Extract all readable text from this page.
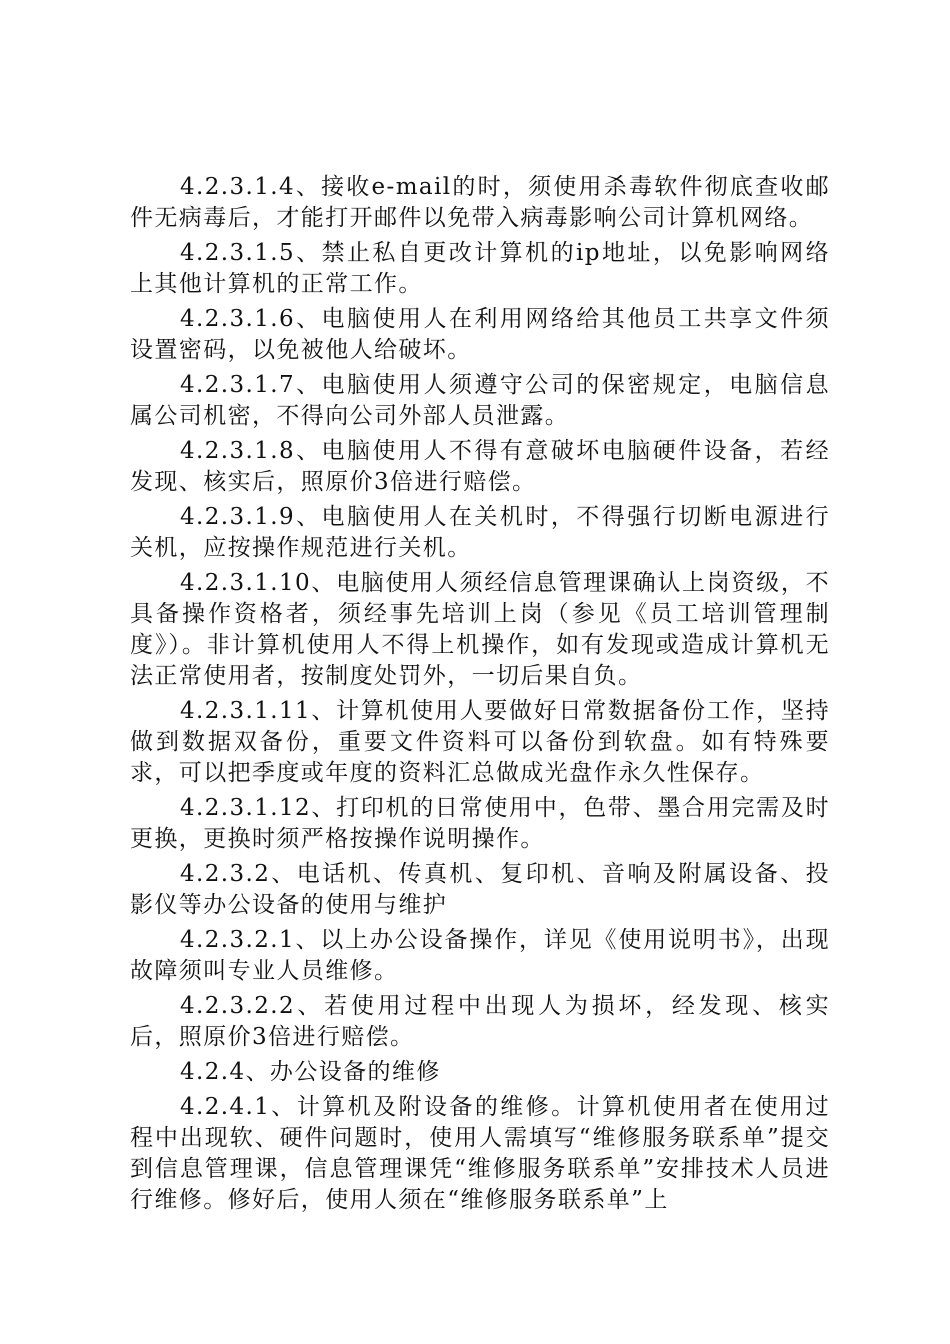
4.2.3.1.4、接收e-mail的时，须使用杀毒软件彻底查收邮件无病毒后，才能打开邮件以免带入病毒影响公司计算机网络。

4.2.3.1.5、禁止私自更改计算机的ip地址，以免影响网络上其他计算机的正常工作。

4.2.3.1.6、电脑使用人在利用网络给其他员工共享文件须设置密码，以免被他人给破坏。

4.2.3.1.7、电脑使用人须遵守公司的保密规定，电脑信息属公司机密，不得向公司外部人员泄露。

4.2.3.1.8、电脑使用人不得有意破坏电脑硬件设备，若经发现、核实后，照原价3倍进行赔偿。

4.2.3.1.9、电脑使用人在关机时，不得强行切断电源进行关机，应按操作规范进行关机。

4.2.3.1.10、电脑使用人须经信息管理课确认上岗资级，不具备操作资格者，须经事先培训上岗（参见《员工培训管理制度》）。非计算机使用人不得上机操作，如有发现或造成计算机无法正常使用者，按制度处罚外，一切后果自负。

4.2.3.1.11、计算机使用人要做好日常数据备份工作，坚持做到数据双备份，重要文件资料可以备份到软盘。如有特殊要求，可以把季度或年度的资料汇总做成光盘作永久性保存。

4.2.3.1.12、打印机的日常使用中，色带、墨合用完需及时更换，更换时须严格按操作说明操作。

4.2.3.2、电话机、传真机、复印机、音响及附属设备、投影仪等办公设备的使用与维护

4.2.3.2.1、以上办公设备操作，详见《使用说明书》，出现故障须叫专业人员维修。

4.2.3.2.2、若使用过程中出现人为损坏，经发现、核实后，照原价3倍进行赔偿。

4.2.4、办公设备的维修

4.2.4.1、计算机及附设备的维修。计算机使用者在使用过程中出现软、硬件问题时，使用人需填写“维修服务联系单”提交到信息管理课，信息管理课凭“维修服务联系单”安排技术人员进行维修。修好后，使用人须在“维修服务联系单”上
